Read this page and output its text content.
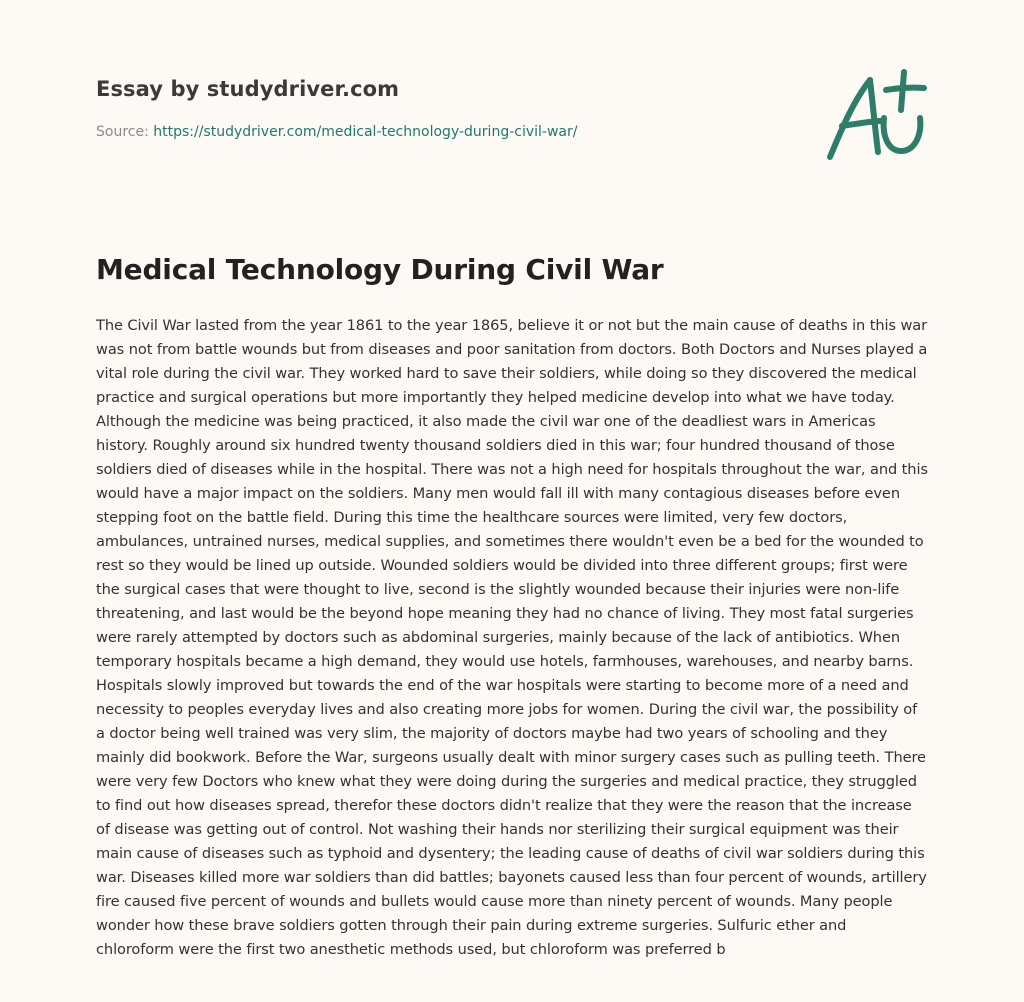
Essay by studydriver.com

Source: https://studydriver.com/medical-technology-during-civil-war/

Medical Technology During Civil War

The Civil War lasted from the year 1861 to the year 1865, believe it or not but the main cause of deaths in this war was not from battle wounds but from diseases and poor sanitation from doctors. Both Doctors and Nurses played a vital role during the civil war. They worked hard to save their soldiers, while doing so they discovered the medical practice and surgical operations but more importantly they helped medicine develop into what we have today. Although the medicine was being practiced, it also made the civil war one of the deadliest wars in Americas history. Roughly around six hundred twenty thousand soldiers died in this war; four hundred thousand of those soldiers died of diseases while in the hospital. There was not a high need for hospitals throughout the war, and this would have a major impact on the soldiers. Many men would fall ill with many contagious diseases before even stepping foot on the battle field. During this time the healthcare sources were limited, very few doctors, ambulances, untrained nurses, medical supplies, and sometimes there wouldn't even be a bed for the wounded to rest so they would be lined up outside. Wounded soldiers would be divided into three different groups; first were the surgical cases that were thought to live, second is the slightly wounded because their injuries were non-life threatening, and last would be the beyond hope meaning they had no chance of living. They most fatal surgeries were rarely attempted by doctors such as abdominal surgeries, mainly because of the lack of antibiotics. When temporary hospitals became a high demand, they would use hotels, farmhouses, warehouses, and nearby barns. Hospitals slowly improved but towards the end of the war hospitals were starting to become more of a need and necessity to peoples everyday lives and also creating more jobs for women. During the civil war, the possibility of a doctor being well trained was very slim, the majority of doctors maybe had two years of schooling and they mainly did bookwork. Before the War, surgeons usually dealt with minor surgery cases such as pulling teeth. There were very few Doctors who knew what they were doing during the surgeries and medical practice, they struggled to find out how diseases spread, therefor these doctors didn't realize that they were the reason that the increase of disease was getting out of control. Not washing their hands nor sterilizing their surgical equipment was their main cause of diseases such as typhoid and dysentery; the leading cause of deaths of civil war soldiers during this war. Diseases killed more war soldiers than did battles; bayonets caused less than four percent of wounds, artillery fire caused five percent of wounds and bullets would cause more than ninety percent of wounds. Many people wonder how these brave soldiers gotten through their pain during extreme surgeries. Sulfuric ether and chloroform were the first two anesthetic methods used, but chloroform was preferred b
